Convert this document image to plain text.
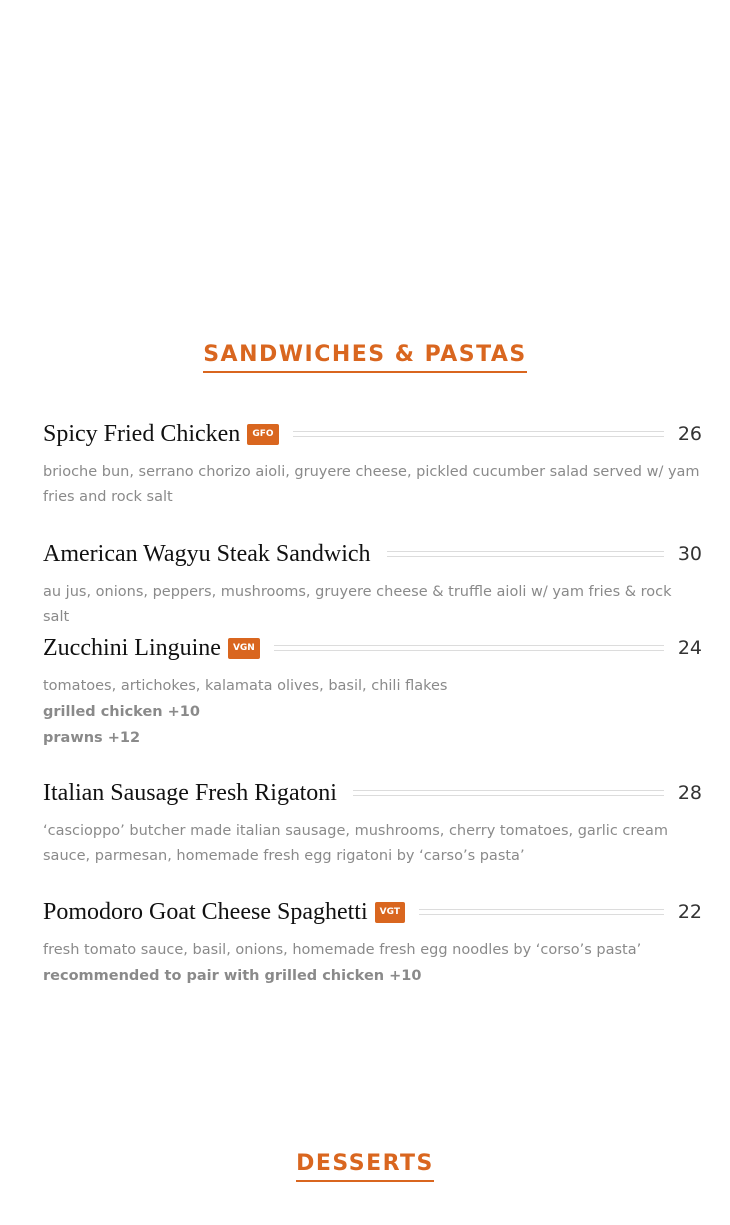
SANDWICHES & PASTAS
Spicy Fried Chicken	GFO	26
brioche bun, serrano chorizo aioli, gruyere cheese, pickled cucumber salad served w/ yam fries and rock salt
American Wagyu Steak Sandwich	30
au jus, onions, peppers, mushrooms, gruyere cheese & truffle aioli w/ yam fries & rock salt
Zucchini Linguine	VGN	24
tomatoes, artichokes, kalamata olives, basil, chili flakes
grilled chicken +10
prawns +12
Italian Sausage Fresh Rigatoni	28
‘cascioppo’ butcher made italian sausage, mushrooms, cherry tomatoes, garlic cream sauce, parmesan, homemade fresh egg rigatoni by ‘carso’s pasta’
Pomodoro Goat Cheese Spaghetti	VGT	22
fresh tomato sauce, basil, onions, homemade fresh egg noodles by ‘corso’s pasta’
recommended to pair with grilled chicken +10
DESSERTS
